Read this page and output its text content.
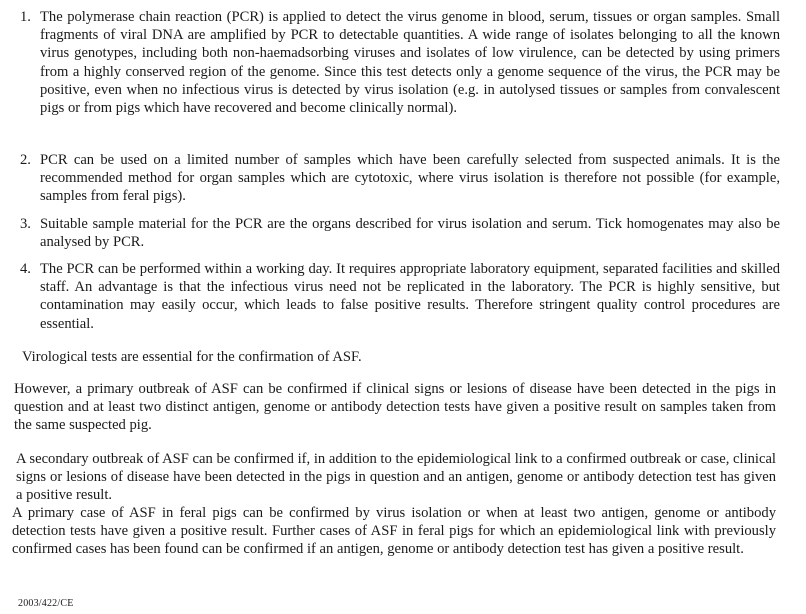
1. The polymerase chain reaction (PCR) is applied to detect the virus genome in blood, serum, tissues or organ samples. Small fragments of viral DNA are amplified by PCR to detectable quantities. A wide range of isolates belonging to all the known virus genotypes, including both non-haemadsorbing viruses and isolates of low virulence, can be detected by using primers from a highly conserved region of the genome. Since this test detects only a genome sequence of the virus, the PCR may be positive, even when no infectious virus is detected by virus isolation (e.g. in autolysed tissues or samples from convalescent pigs or from pigs which have recovered and become clinically normal).
2. PCR can be used on a limited number of samples which have been carefully selected from suspected animals. It is the recommended method for organ samples which are cytotoxic, where virus isolation is therefore not possible (for example, samples from feral pigs).
3. Suitable sample material for the PCR are the organs described for virus isolation and serum. Tick homogenates may also be analysed by PCR.
4. The PCR can be performed within a working day. It requires appropriate laboratory equipment, separated facilities and skilled staff. An advantage is that the infectious virus need not be replicated in the laboratory. The PCR is highly sensitive, but contamination may easily occur, which leads to false positive results. Therefore stringent quality control procedures are essential.
Virological tests are essential for the confirmation of ASF.
However, a primary outbreak of ASF can be confirmed if clinical signs or lesions of disease have been detected in the pigs in question and at least two distinct antigen, genome or antibody detection tests have given a positive result on samples taken from the same suspected pig.
A secondary outbreak of ASF can be confirmed if, in addition to the epidemiological link to a confirmed outbreak or case, clinical signs or lesions of disease have been detected in the pigs in question and an antigen, genome or antibody detection test has given a positive result.
A primary case of ASF in feral pigs can be confirmed by virus isolation or when at least two antigen, genome or antibody detection tests have given a positive result. Further cases of ASF in feral pigs for which an epidemiological link with previously confirmed cases has been found can be confirmed if an antigen, genome or antibody detection test has given a positive result.
2003/422/CE
